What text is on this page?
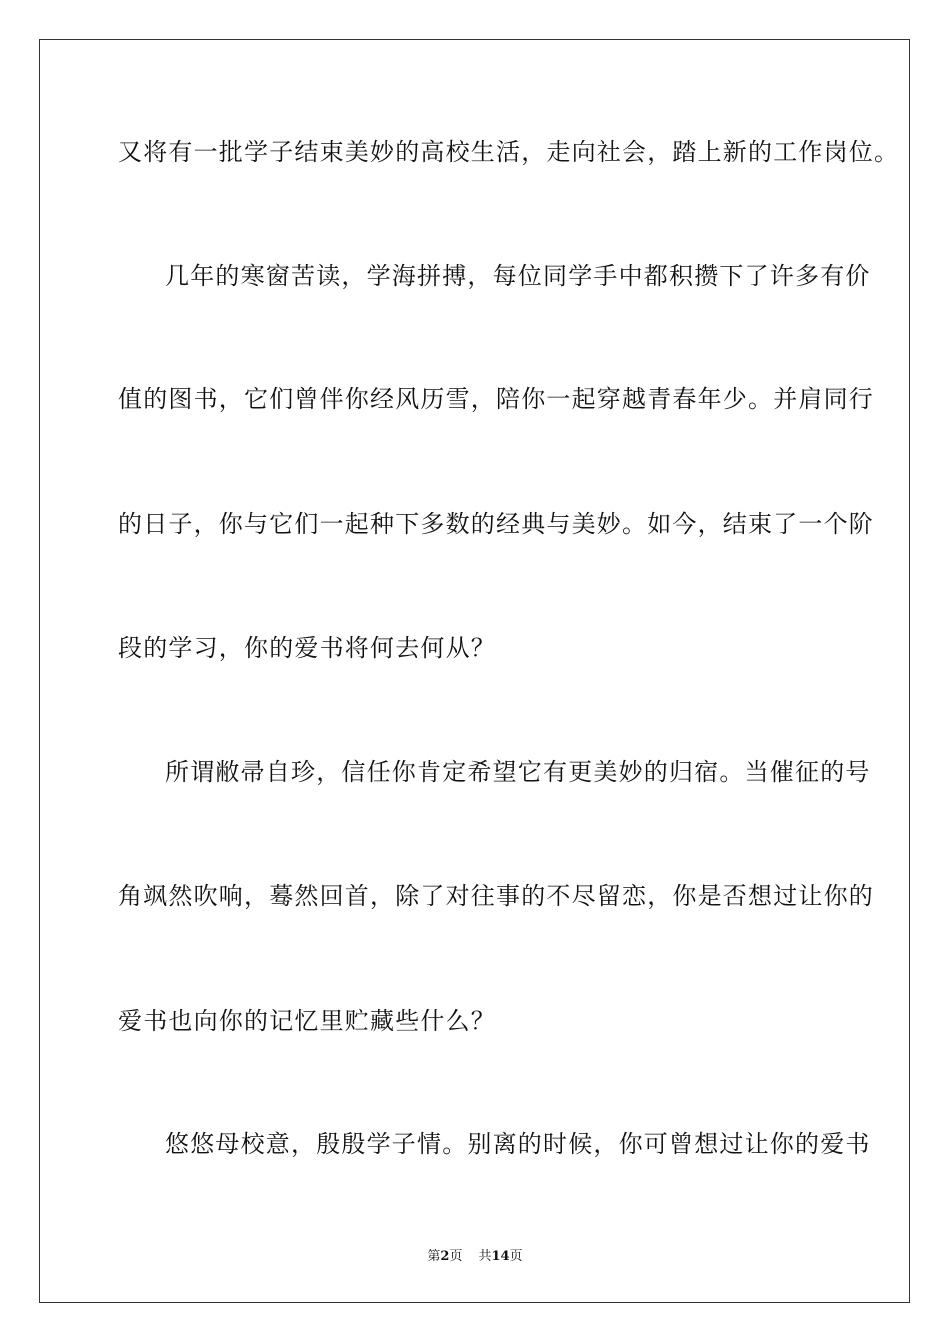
又将有一批学子结束美妙的高校生活，走向社会，踏上新的工作岗位。
几年的寒窗苦读，学海拼搏，每位同学手中都积攒下了许多有价
值的图书，它们曾伴你经风历雪，陪你一起穿越青春年少。并肩同行
的日子，你与它们一起种下多数的经典与美妙。如今，结束了一个阶
段的学习，你的爱书将何去何从？
所谓敝帚自珍，信任你肯定希望它有更美妙的归宿。当催征的号
角飒然吹响，蓦然回首，除了对往事的不尽留恋，你是否想过让你的
爱书也向你的记忆里贮藏些什么？
悠悠母校意，殷殷学子情。别离的时候，你可曾想过让你的爱书
第2页 共14页
